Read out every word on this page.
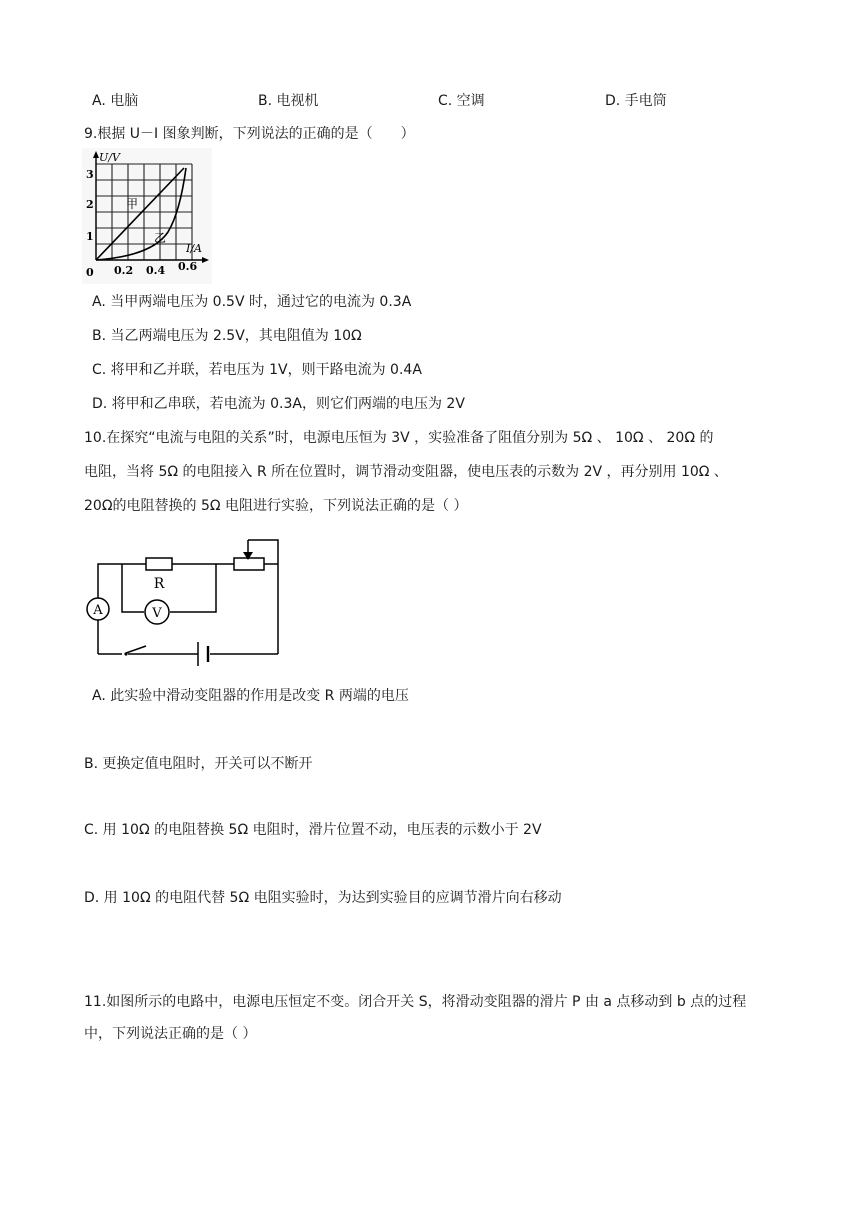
A. 电脑	B. 电视机	C. 空调	D. 手电筒
9.根据 U－I 图象判断，下列说法的正确的是（　　）
U/V
I/A
0
1
2
3
0.2 0.4 0.6
甲
乙
A. 当甲两端电压为 0.5V 时，通过它的电流为 0.3A
B. 当乙两端电压为 2.5V，其电阻值为 10Ω
C. 将甲和乙并联，若电压为 1V，则干路电流为 0.4A
D. 将甲和乙串联，若电流为 0.3A，则它们两端的电压为 2V
10.在探究“电流与电阻的关系”时，电源电压恒为 3V ，实验准备了阻值分别为 5Ω 、 10Ω 、 20Ω 的
电阻，当将 5Ω 的电阻接入 R 所在位置时，调节滑动变阻器，使电压表的示数为 2V ，再分别用 10Ω 、
20Ω的电阻替换的 5Ω 电阻进行实验，下列说法正确的是（ ）
A	V
R
A. 此实验中滑动变阻器的作用是改变 R 两端的电压
B. 更换定值电阻时，开关可以不断开
C. 用 10Ω 的电阻替换 5Ω 电阻时，滑片位置不动，电压表的示数小于 2V
D. 用 10Ω 的电阻代替 5Ω 电阻实验时，为达到实验目的应调节滑片向右移动
11.如图所示的电路中，电源电压恒定不变。闭合开关 S，将滑动变阻器的滑片 P 由 a 点移动到 b 点的过程
中，下列说法正确的是（ ）
